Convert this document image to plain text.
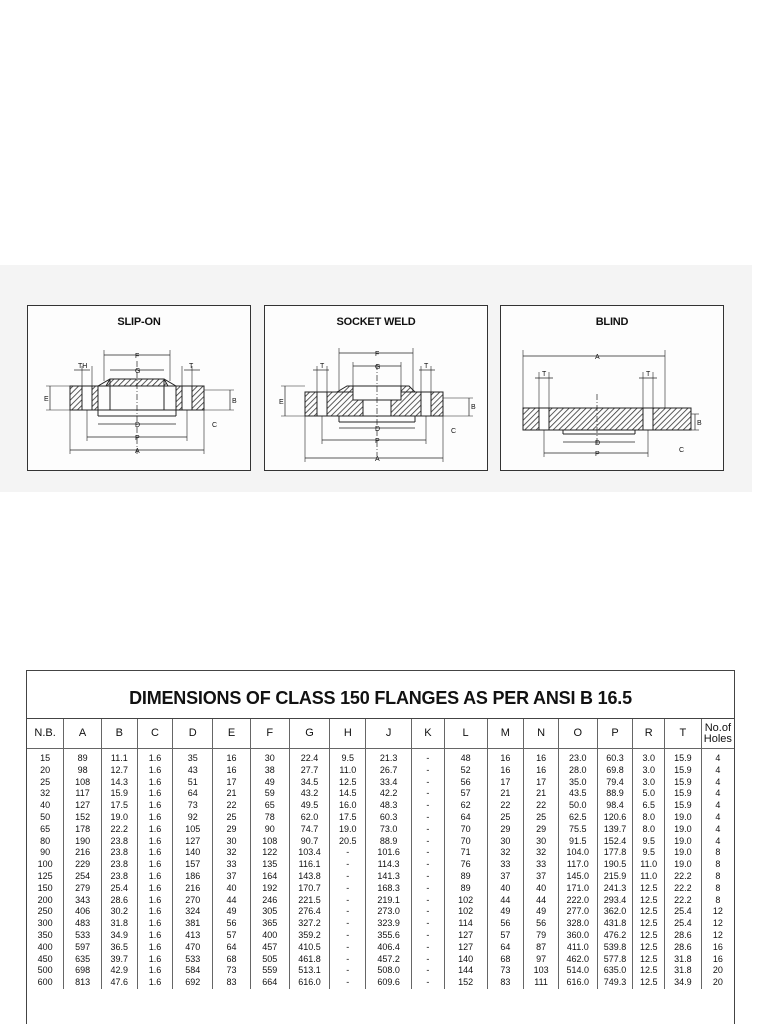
SLIP-ON
F
G
TH	T
E	B
C
D
P
A
SOCKET WELD
F
G
T	T
E
B
C
D
P
A
BLIND
A
T	T
B
C
D
P
DIMENSIONS OF CLASS 150 FLANGES AS PER ANSI B 16.5
N.B.	A	B	C	D	E	F	G	H	J	K	L	M	N	O	P	R	T	No.of Holes
15	89	11.1	1.6	35	16	30	22.4	9.5	21.3	-	48	16	16	23.0	60.3	3.0	15.9	4
20	98	12.7	1.6	43	16	38	27.7	11.0	26.7	-	52	16	16	28.0	69.8	3.0	15.9	4
25	108	14.3	1.6	51	17	49	34.5	12.5	33.4	-	56	17	17	35.0	79.4	3.0	15.9	4
32	117	15.9	1.6	64	21	59	43.2	14.5	42.2	-	57	21	21	43.5	88.9	5.0	15.9	4
40	127	17.5	1.6	73	22	65	49.5	16.0	48.3	-	62	22	22	50.0	98.4	6.5	15.9	4
50	152	19.0	1.6	92	25	78	62.0	17.5	60.3	-	64	25	25	62.5	120.6	8.0	19.0	4
65	178	22.2	1.6	105	29	90	74.7	19.0	73.0	-	70	29	29	75.5	139.7	8.0	19.0	4
80	190	23.8	1.6	127	30	108	90.7	20.5	88.9	-	70	30	30	91.5	152.4	9.5	19.0	4
90	216	23.8	1.6	140	32	122	103.4	-	101.6	-	71	32	32	104.0	177.8	9.5	19.0	8
100	229	23.8	1.6	157	33	135	116.1	-	114.3	-	76	33	33	117.0	190.5	11.0	19.0	8
125	254	23.8	1.6	186	37	164	143.8	-	141.3	-	89	37	37	145.0	215.9	11.0	22.2	8
150	279	25.4	1.6	216	40	192	170.7	-	168.3	-	89	40	40	171.0	241.3	12.5	22.2	8
200	343	28.6	1.6	270	44	246	221.5	-	219.1	-	102	44	44	222.0	293.4	12.5	22.2	8
250	406	30.2	1.6	324	49	305	276.4	-	273.0	-	102	49	49	277.0	362.0	12.5	25.4	12
300	483	31.8	1.6	381	56	365	327.2	-	323.9	-	114	56	56	328.0	431.8	12.5	25.4	12
350	533	34.9	1.6	413	57	400	359.2	-	355.6	-	127	57	79	360.0	476.2	12.5	28.6	12
400	597	36.5	1.6	470	64	457	410.5	-	406.4	-	127	64	87	411.0	539.8	12.5	28.6	16
450	635	39.7	1.6	533	68	505	461.8	-	457.2	-	140	68	97	462.0	577.8	12.5	31.8	16
500	698	42.9	1.6	584	73	559	513.1	-	508.0	-	144	73	103	514.0	635.0	12.5	31.8	20
600	813	47.6	1.6	692	83	664	616.0	-	609.6	-	152	83	111	616.0	749.3	12.5	34.9	20
